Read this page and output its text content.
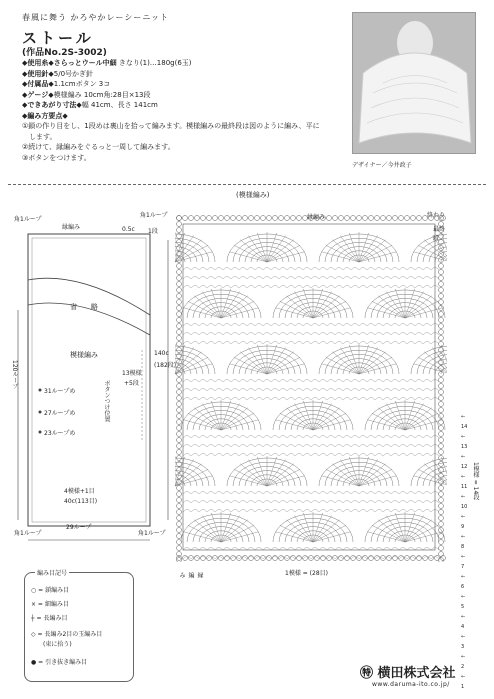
春風に舞う かろやかレーシーニット
ストール
(作品No.2S-3002)
◆使用糸◆さらっとウール中細 きなり(1)…180g(6玉)
◆使用針◆5/0号かぎ針
◆付属品◆1.1cmボタン 3コ
◆ゲージ◆模様編み 10cm角:28目×13段
◆できあがり寸法◆幅 41cm、長さ 141cm
◆編み方要点◆
①鎖の作り目をし、1段めは裏山を拾って編みます。模様編みの最終段は図のように編み、平に
　します。
②続けて、縁編みをぐるっと一周して編みます。
③ボタンをつけます。
デザイナー／今井政子
(模様編み)
角1ループ
角1ループ
縁編み	0.5c 1段
省　　略
模様編み	140c
(182段)
120ループ
31ループめ
27ループめ
23ループめ
ボタンつけ位置
13模様
+5段
4模様+1目
40c(113目)
29ループ
角1ループ	角1ループ
縁編み	終わり
最終段
縁編み	1模様 = (28目)
1模様 = 14段
← 14
← 13
← 12
← 11
← 10
← 9
← 8
← 7
← 6
← 5
← 4
← 3
← 2
← 1
編み目記号
○ = 鎖編み目
× = 細編み目
┼ = 長編み目
◇ = 長編み2目の玉編み目
　　(束に拾う)
● = 引き抜き編み目
㊕ 横田株式会社
www.daruma-ito.co.jp/
